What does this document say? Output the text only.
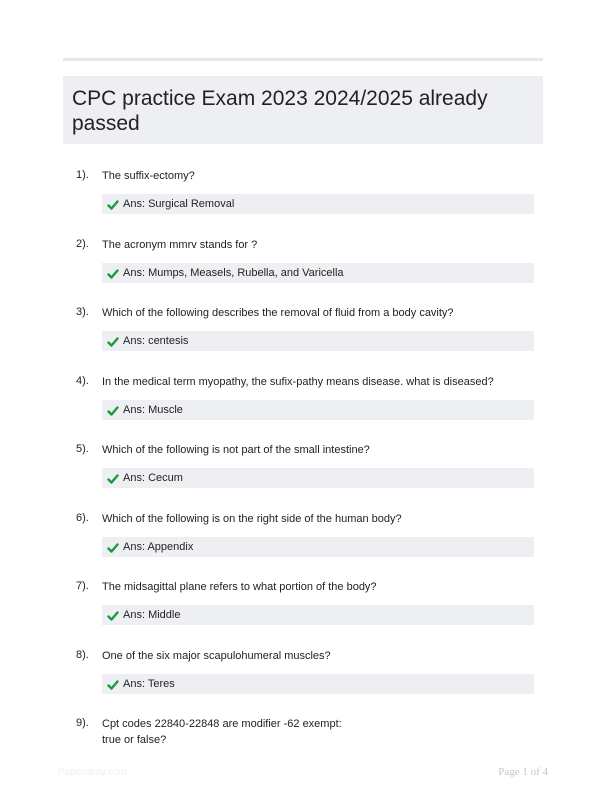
CPC practice Exam 2023 2024/2025 already passed
1). The suffix-ectomy?
Ans: Surgical Removal
2). The acronym mmrv stands for ?
Ans: Mumps, Measels, Rubella, and Varicella
3). Which of the following describes the removal of fluid from a body cavity?
Ans: centesis
4). In the medical term myopathy, the sufix-pathy means disease. what is diseased?
Ans: Muscle
5). Which of the following is not part of the small intestine?
Ans: Cecum
6). Which of the following is on the right side of the human body?
Ans: Appendix
7). The midsagittal plane refers to what portion of the body?
Ans: Middle
8). One of the six major scapulohumeral muscles?
Ans: Teres
9). Cpt codes 22840-22848 are modifier -62 exempt:
true or false?
Papersbay.com	Page 1 of 4
